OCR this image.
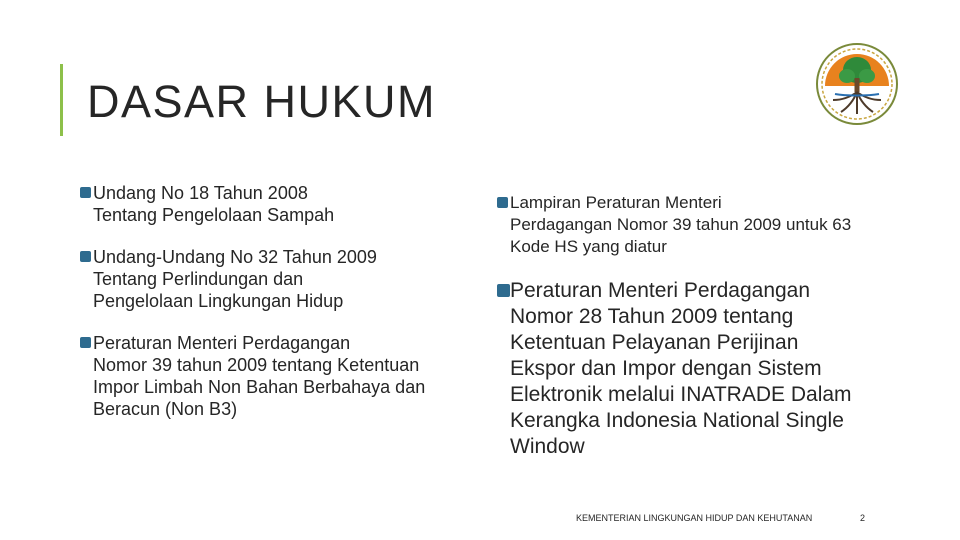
DASAR HUKUM
Undang No 18 Tahun 2008
Tentang Pengelolaan Sampah
Undang-Undang No 32 Tahun 2009
Tentang Perlindungan dan Pengelolaan Lingkungan Hidup
Peraturan Menteri Perdagangan
Nomor 39 tahun 2009 tentang Ketentuan Impor Limbah Non Bahan Berbahaya dan Beracun (Non B3)
Lampiran Peraturan Menteri
Perdagangan Nomor 39 tahun 2009 untuk 63 Kode HS yang diatur
Peraturan Menteri Perdagangan
Nomor 28 Tahun 2009 tentang Ketentuan Pelayanan Perijinan Ekspor dan Impor dengan Sistem Elektronik melalui INATRADE Dalam Kerangka Indonesia National Single Window
KEMENTERIAN LINGKUNGAN HIDUP DAN KEHUTANAN	2
